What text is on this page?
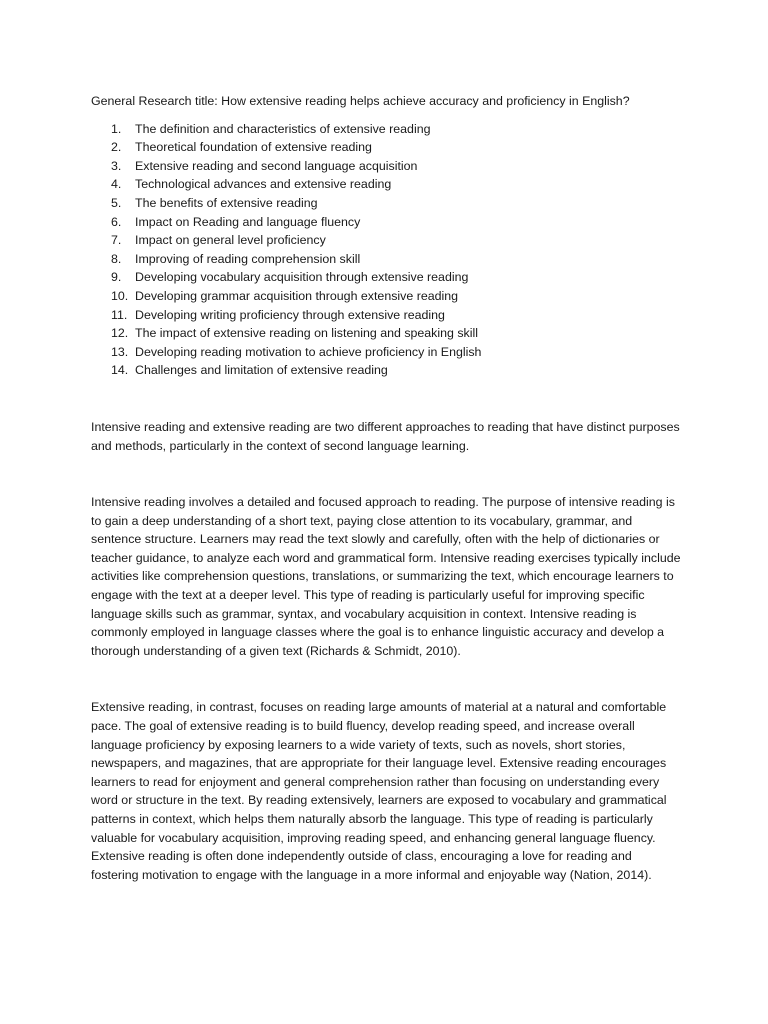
General Research title: How extensive reading helps achieve accuracy and proficiency in English?

1. The definition and characteristics of extensive reading
2. Theoretical foundation of extensive reading
3. Extensive reading and second language acquisition
4. Technological advances and extensive reading
5. The benefits of extensive reading
6. Impact on Reading and language fluency
7. Impact on general level proficiency
8. Improving of reading comprehension skill
9. Developing vocabulary acquisition through extensive reading
10. Developing grammar acquisition through extensive reading
11. Developing writing proficiency through extensive reading
12. The impact of extensive reading on listening and speaking skill
13. Developing reading motivation to achieve proficiency in English
14. Challenges and limitation of extensive reading

Intensive reading and extensive reading are two different approaches to reading that have distinct purposes and methods, particularly in the context of second language learning.

Intensive reading involves a detailed and focused approach to reading. The purpose of intensive reading is to gain a deep understanding of a short text, paying close attention to its vocabulary, grammar, and sentence structure. Learners may read the text slowly and carefully, often with the help of dictionaries or teacher guidance, to analyze each word and grammatical form. Intensive reading exercises typically include activities like comprehension questions, translations, or summarizing the text, which encourage learners to engage with the text at a deeper level. This type of reading is particularly useful for improving specific language skills such as grammar, syntax, and vocabulary acquisition in context. Intensive reading is commonly employed in language classes where the goal is to enhance linguistic accuracy and develop a thorough understanding of a given text (Richards & Schmidt, 2010).

Extensive reading, in contrast, focuses on reading large amounts of material at a natural and comfortable pace. The goal of extensive reading is to build fluency, develop reading speed, and increase overall language proficiency by exposing learners to a wide variety of texts, such as novels, short stories, newspapers, and magazines, that are appropriate for their language level. Extensive reading encourages learners to read for enjoyment and general comprehension rather than focusing on understanding every word or structure in the text. By reading extensively, learners are exposed to vocabulary and grammatical patterns in context, which helps them naturally absorb the language. This type of reading is particularly valuable for vocabulary acquisition, improving reading speed, and enhancing general language fluency. Extensive reading is often done independently outside of class, encouraging a love for reading and fostering motivation to engage with the language in a more informal and enjoyable way (Nation, 2014).
